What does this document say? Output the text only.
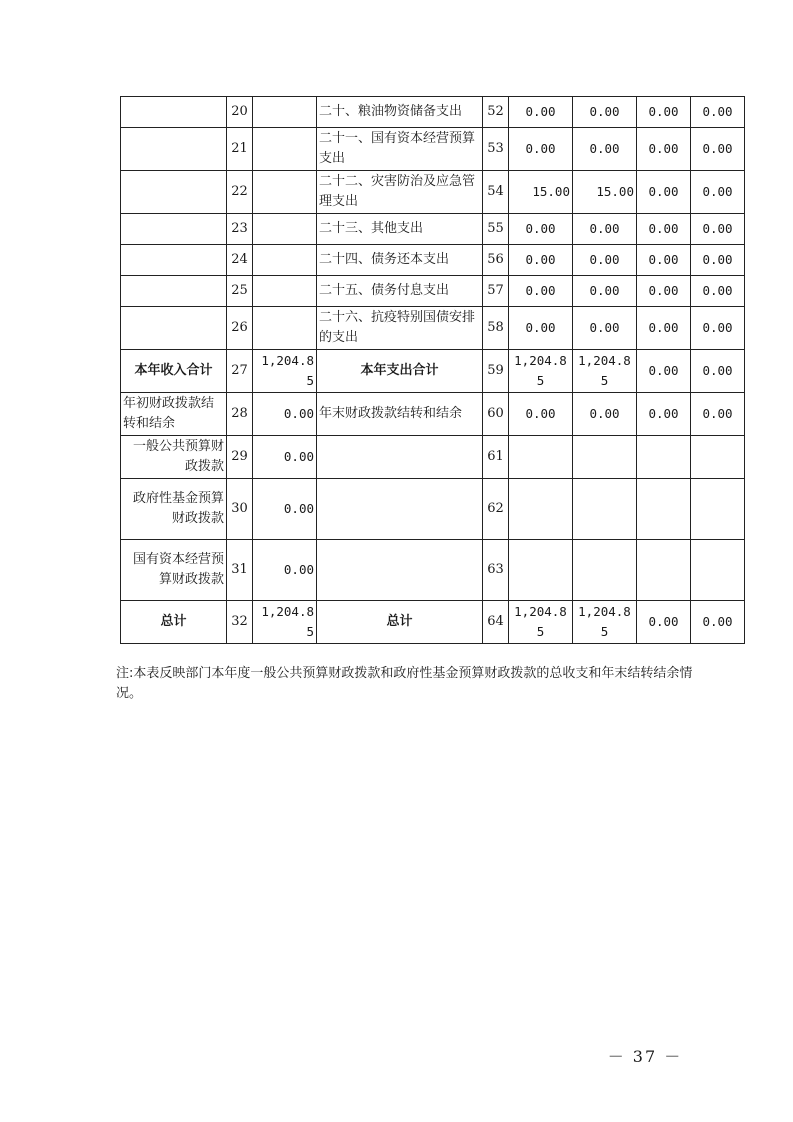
	20		二十、粮油物资储备支出	52	0.00	0.00	0.00	0.00
	21		二十一、国有资本经营预算支出	53	0.00	0.00	0.00	0.00
	22		二十二、灾害防治及应急管理支出	54	15.00	15.00	0.00	0.00
	23		二十三、其他支出	55	0.00	0.00	0.00	0.00
	24		二十四、债务还本支出	56	0.00	0.00	0.00	0.00
	25		二十五、债务付息支出	57	0.00	0.00	0.00	0.00
	26		二十六、抗疫特别国债安排的支出	58	0.00	0.00	0.00	0.00
本年收入合计	27	1,204.85	本年支出合计	59	1,204.85	1,204.85	0.00	0.00
年初财政拨款结转和结余	28	0.00	年末财政拨款结转和结余	60	0.00	0.00	0.00	0.00
一般公共预算财政拨款	29	0.00		61				
政府性基金预算财政拨款	30	0.00		62				
国有资本经营预算财政拨款	31	0.00		63				
总计	32	1,204.85	总计	64	1,204.85	1,204.85	0.00	0.00
注:本表反映部门本年度一般公共预算财政拨款和政府性基金预算财政拨款的总收支和年末结转结余情况。
－ 37 －
